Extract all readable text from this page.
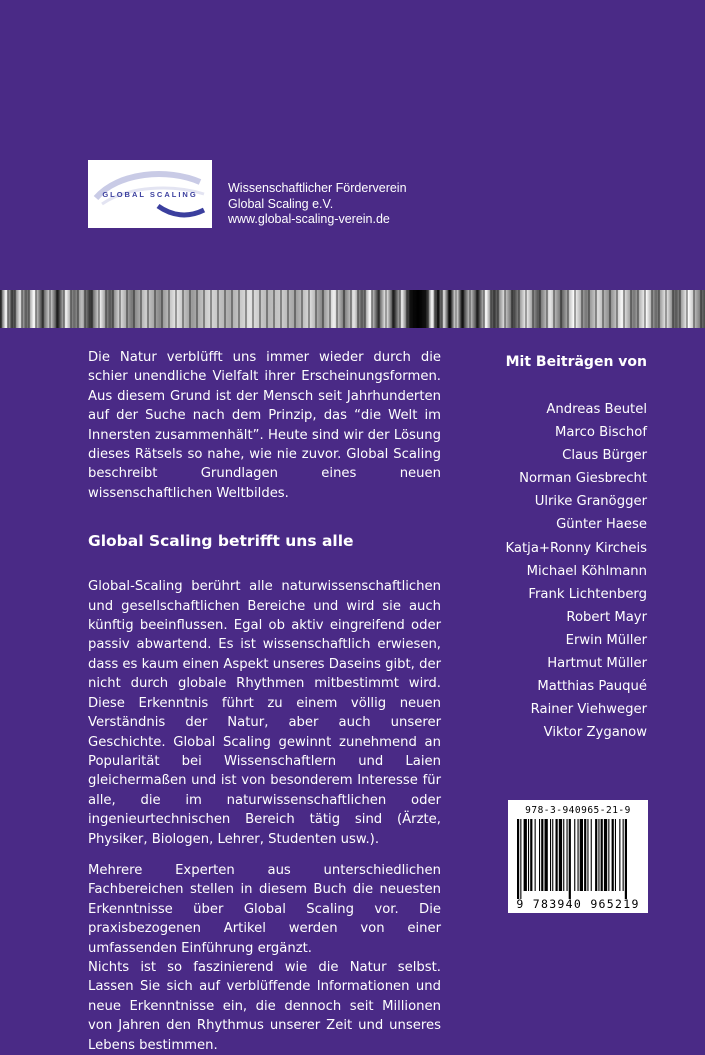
GLOBAL SCALING Wissenschaftlicher Förderverein
Global Scaling e.V.
www.global-scaling-verein.de

Die Natur verblüfft uns immer wieder durch die schier unendliche Vielfalt ihrer Erscheinungsformen. Aus diesem Grund ist der Mensch seit Jahrhunderten auf der Suche nach dem Prinzip, das “die Welt im Innersten zusammenhält”. Heute sind wir der Lösung dieses Rätsels so nahe, wie nie zuvor. Global Scaling beschreibt Grundlagen eines neuen wissenschaftlichen Weltbildes.

Global Scaling betrifft uns alle

Global-Scaling berührt alle naturwissenschaftlichen und gesellschaftlichen Bereiche und wird sie auch künftig beeinflussen. Egal ob aktiv eingreifend oder passiv abwartend. Es ist wissenschaftlich erwiesen, dass es kaum einen Aspekt unseres Daseins gibt, der nicht durch globale Rhythmen mitbestimmt wird. Diese Erkenntnis führt zu einem völlig neuen Verständnis der Natur, aber auch unserer Geschichte. Global Scaling gewinnt zunehmend an Popularität bei Wissenschaftlern und Laien gleichermaßen und ist von besonderem Interesse für alle, die im naturwissenschaftlichen oder ingenieurtechnischen Bereich tätig sind (Ärzte, Physiker, Biologen, Lehrer, Studenten usw.).

Mehrere Experten aus unterschiedlichen Fachbereichen stellen in diesem Buch die neuesten Erkenntnisse über Global Scaling vor. Die praxisbezogenen Artikel werden von einer umfassenden Einführung ergänzt.

Nichts ist so faszinierend wie die Natur selbst. Lassen Sie sich auf verblüffende Informationen und neue Erkenntnisse ein, die dennoch seit Millionen von Jahren den Rhythmus unserer Zeit und unseres Lebens bestimmen.

Mit Beiträgen von
Andreas Beutel
Marco Bischof
Claus Bürger
Norman Giesbrecht
Ulrike Granögger
Günter Haese
Katja+Ronny Kircheis
Michael Köhlmann
Frank Lichtenberg
Robert Mayr
Erwin Müller
Hartmut Müller
Matthias Pauqué
Rainer Viehweger
Viktor Zyganow
978-3-940965-21-9
9 783940 965219
